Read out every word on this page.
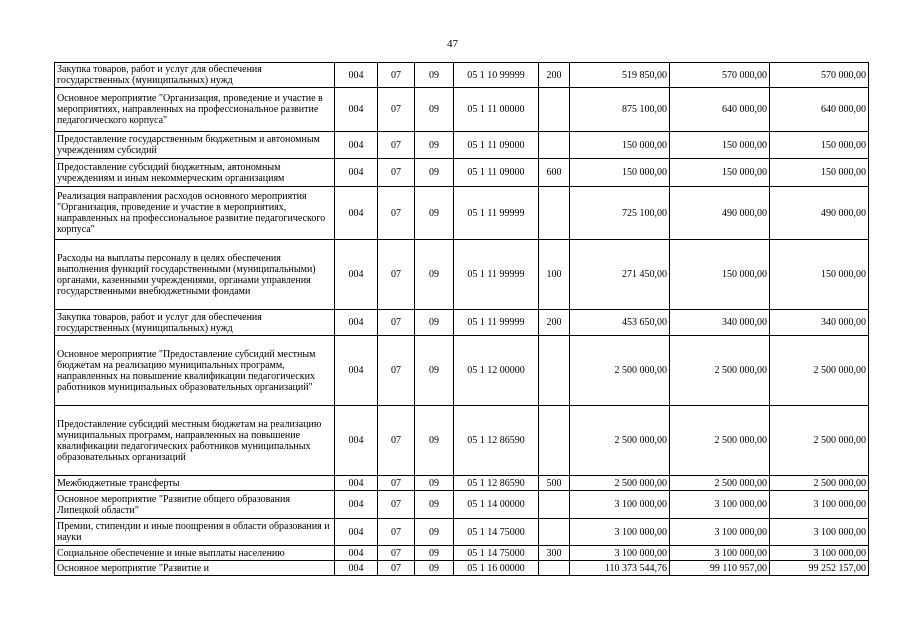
47
Закупка товаров, работ и услуг для обеспечения государственных (муниципальных) нужд	004	07	09	05 1 10 99999	200	519 850,00	570 000,00	570 000,00
Основное мероприятие "Организация, проведение и участие в мероприятиях, направленных на профессиональное развитие педагогического корпуса"	004	07	09	05 1 11 00000		875 100,00	640 000,00	640 000,00
Предоставление государственным бюджетным и автономным учреждениям субсидий	004	07	09	05 1 11 09000		150 000,00	150 000,00	150 000,00
Предоставление субсидий бюджетным, автономным учреждениям и иным некоммерческим организациям	004	07	09	05 1 11 09000	600	150 000,00	150 000,00	150 000,00
Реализация направления расходов основного мероприятия "Организация, проведение и участие в мероприятиях, направленных на профессиональное развитие педагогического корпуса"	004	07	09	05 1 11 99999		725 100,00	490 000,00	490 000,00
Расходы на выплаты персоналу в целях обеспечения выполнения функций государственными (муниципальными) органами, казенными учреждениями, органами управления государственными внебюджетными фондами	004	07	09	05 1 11 99999	100	271 450,00	150 000,00	150 000,00
Закупка товаров, работ и услуг для обеспечения государственных (муниципальных) нужд	004	07	09	05 1 11 99999	200	453 650,00	340 000,00	340 000,00
Основное мероприятие "Предоставление субсидий местным бюджетам на реализацию муниципальных программ, направленных на повышение квалификации педагогических работников муниципальных образовательных организаций"	004	07	09	05 1 12 00000		2 500 000,00	2 500 000,00	2 500 000,00
Предоставление субсидий местным бюджетам на реализацию муниципальных программ, направленных на повышение квалификации педагогических работников муниципальных образовательных организаций	004	07	09	05 1 12 86590		2 500 000,00	2 500 000,00	2 500 000,00
Межбюджетные трансферты	004	07	09	05 1 12 86590	500	2 500 000,00	2 500 000,00	2 500 000,00
Основное мероприятие "Развитие общего образования Липецкой области"	004	07	09	05 1 14 00000		3 100 000,00	3 100 000,00	3 100 000,00
Премии, стипендии и иные поощрения в области образования и науки	004	07	09	05 1 14 75000		3 100 000,00	3 100 000,00	3 100 000,00
Социальное обеспечение и иные выплаты населению	004	07	09	05 1 14 75000	300	3 100 000,00	3 100 000,00	3 100 000,00
Основное мероприятие "Развитие и	004	07	09	05 1 16 00000		110 373 544,76	99 110 957,00	99 252 157,00
